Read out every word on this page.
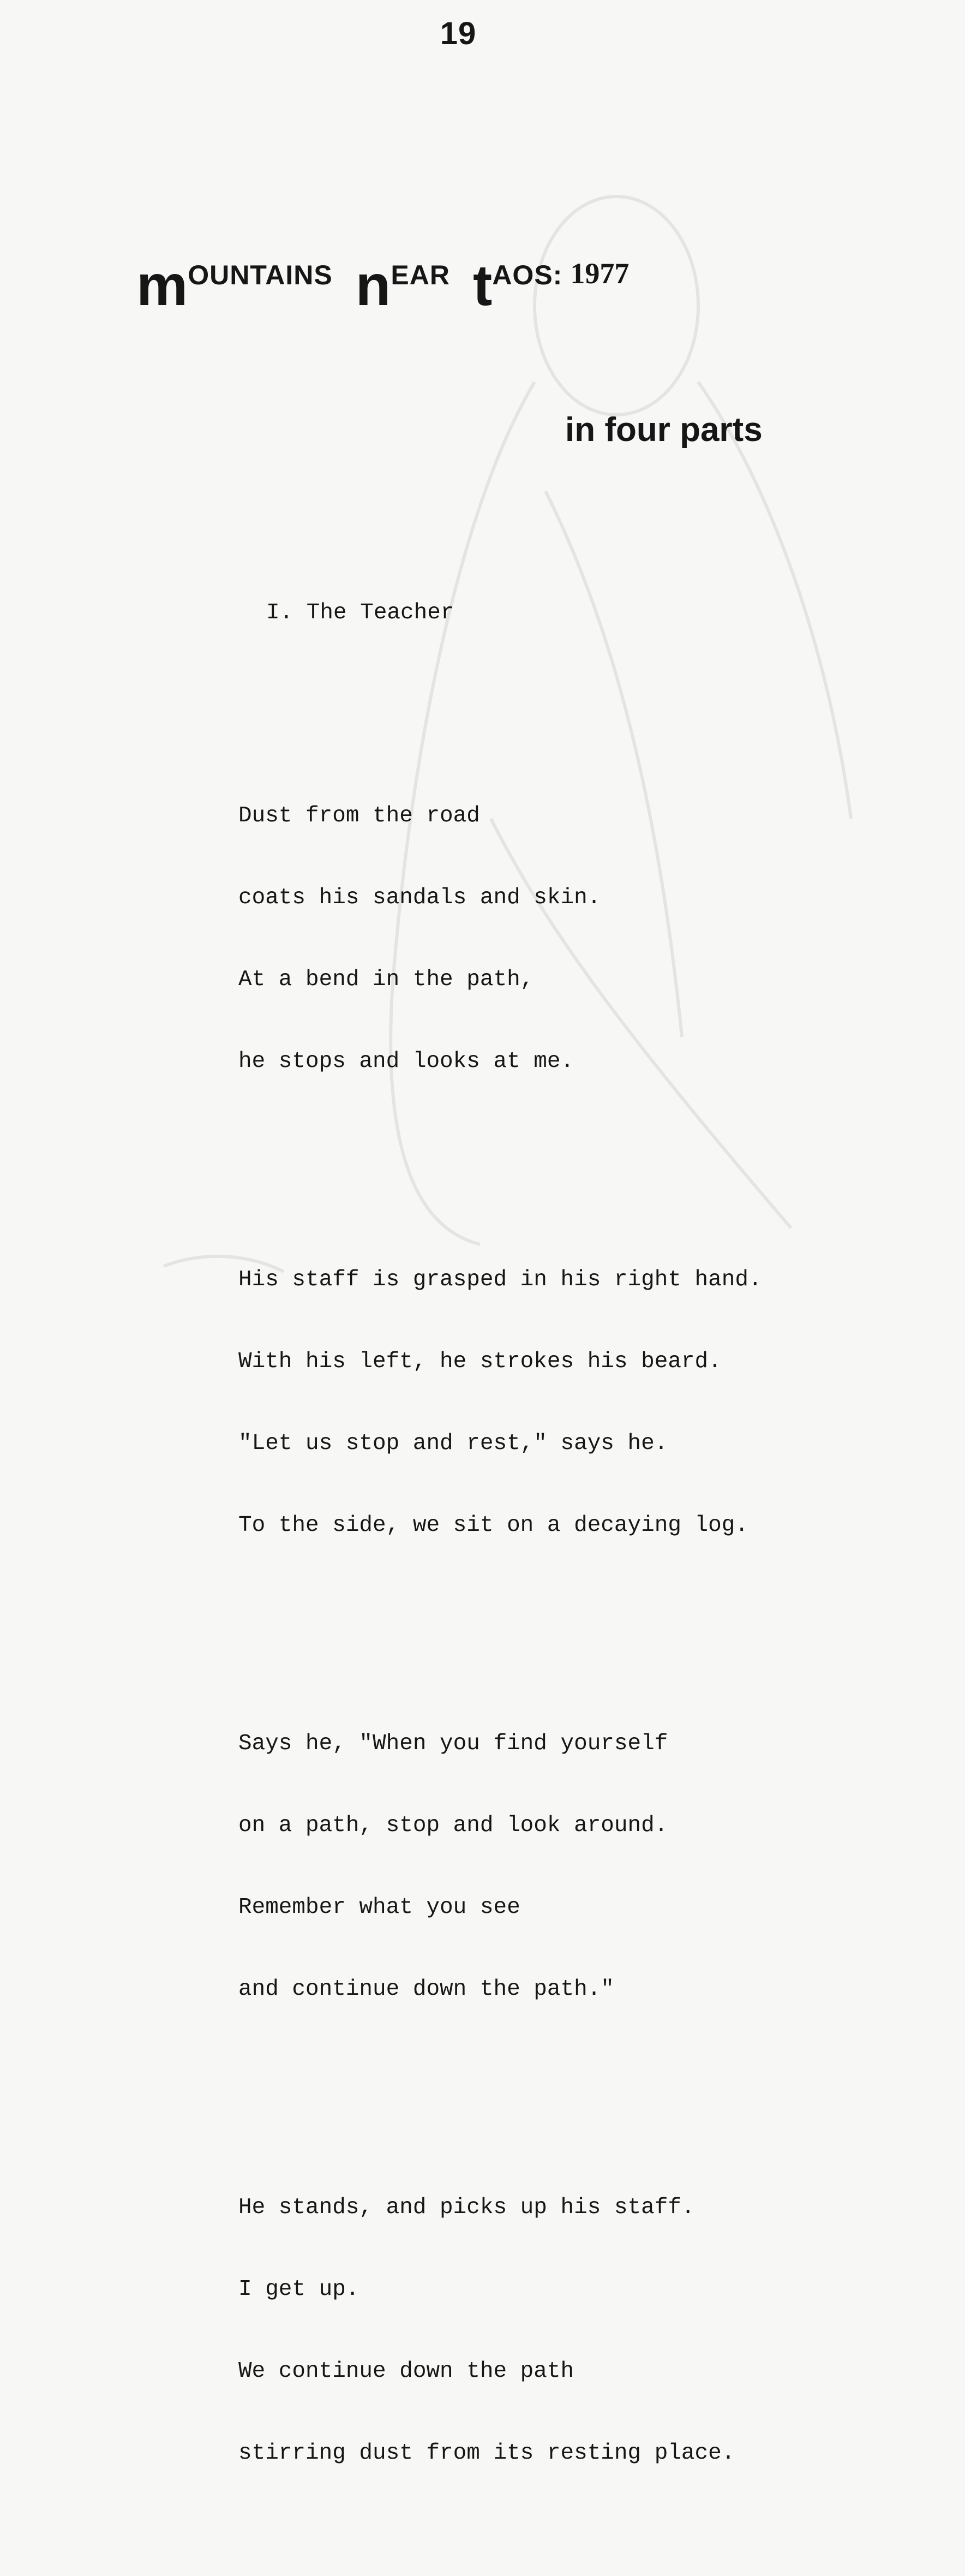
19
mOUNTAINS nEAR tAOS: 1977
in four parts
I. The Teacher

Dust from the road

coats his sandals and skin.

At a bend in the path,

he stops and looks at me.

His staff is grasped in his right hand.

With his left, he strokes his beard.

"Let us stop and rest," says he.

To the side, we sit on a decaying log.

Says he, "When you find yourself

on a path, stop and look around.

Remember what you see

and continue down the path."

He stands, and picks up his staff.

I get up.

We continue down the path

stirring dust from its resting place.
